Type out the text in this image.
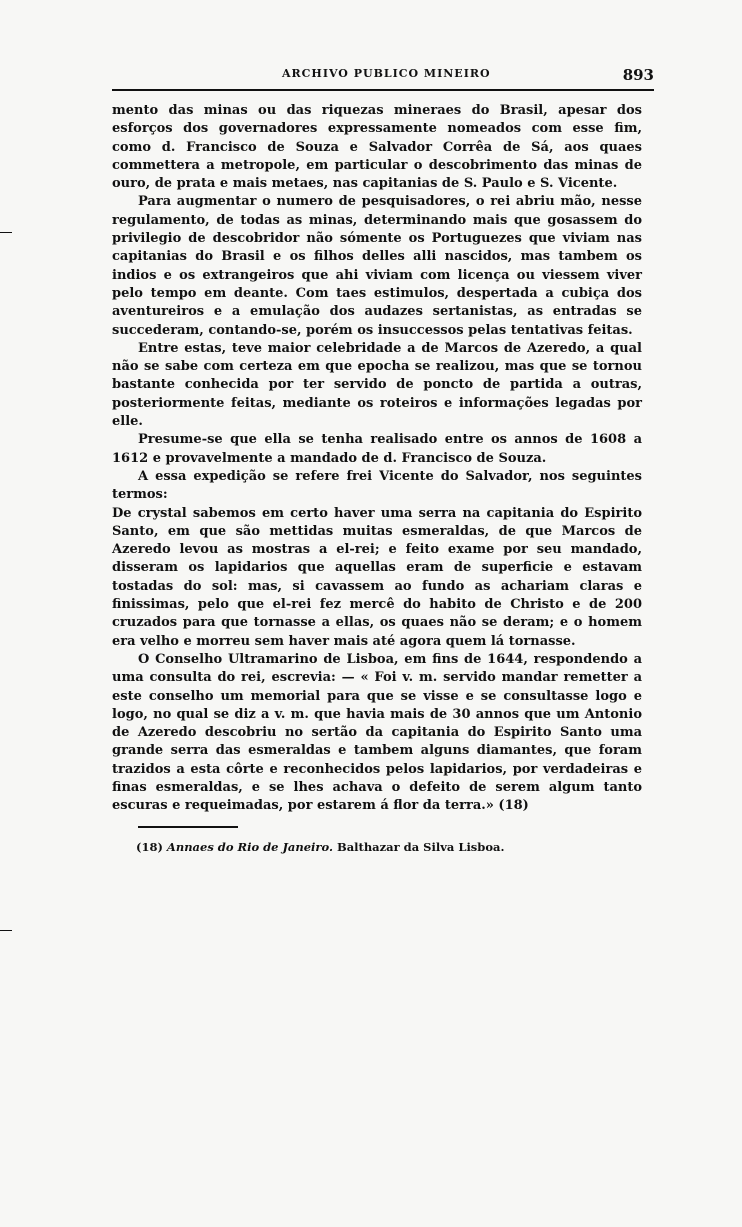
ARCHIVO PUBLICO MINEIRO	893

mento das minas ou das riquezas mineraes do Brasil, apesar dos esforços dos governadores expressamente nomeados com esse fim, como d. Francisco de Souza e Salvador Corrêa de Sá, aos quaes commettera a metropole, em particular o descobrimento das minas de ouro, de prata e mais metaes, nas capitanias de S. Paulo e S. Vicente.

Para augmentar o numero de pesquisadores, o rei abriu mão, nesse regulamento, de todas as minas, determinando mais que gosassem do privilegio de descobridor não sómente os Portuguezes que viviam nas capitanias do Brasil e os filhos delles alli nascidos, mas tambem os indios e os extrangeiros que ahi viviam com licença ou viessem viver pelo tempo em deante. Com taes estimulos, despertada a cubiça dos aventureiros e a emulação dos audazes sertanistas, as entradas se succederam, contando-se, porém os insuccessos pelas tentativas feitas.

Entre estas, teve maior celebridade a de Marcos de Azeredo, a qual não se sabe com certeza em que epocha se realizou, mas que se tornou bastante conhecida por ter servido de poncto de partida a outras, posteriormente feitas, mediante os roteiros e informações legadas por elle.

Presume-se que ella se tenha realisado entre os annos de 1608 a 1612 e provavelmente a mandado de d. Francisco de Souza.

A essa expedição se refere frei Vicente do Salvador, nos seguintes termos:

De crystal sabemos em certo haver uma serra na capitania do Espirito Santo, em que são mettidas muitas esmeraldas, de que Marcos de Azeredo levou as mostras a el-rei; e feito exame por seu mandado, disseram os lapidarios que aquellas eram de superficie e estavam tostadas do sol: mas, si cavassem ao fundo as achariam claras e finissimas, pelo que el-rei fez mercê do habito de Christo e de 200 cruzados para que tornasse a ellas, os quaes não se deram; e o homem era velho e morreu sem haver mais até agora quem lá tornasse.

O Conselho Ultramarino de Lisboa, em fins de 1644, respondendo a uma consulta do rei, escrevia: — « Foi v. m. servido mandar remetter a este conselho um memorial para que se visse e se consultasse logo e logo, no qual se diz a v. m. que havia mais de 30 annos que um Antonio de Azeredo descobriu no sertão da capitania do Espirito Santo uma grande serra das esmeraldas e tambem alguns diamantes, que foram trazidos a esta côrte e reconhecidos pelos lapidarios, por verdadeiras e finas esmeraldas, e se lhes achava o defeito de serem algum tanto escuras e requeimadas, por estarem á flor da terra.» (18)

(18) Annaes do Rio de Janeiro. Balthazar da Silva Lisboa.
